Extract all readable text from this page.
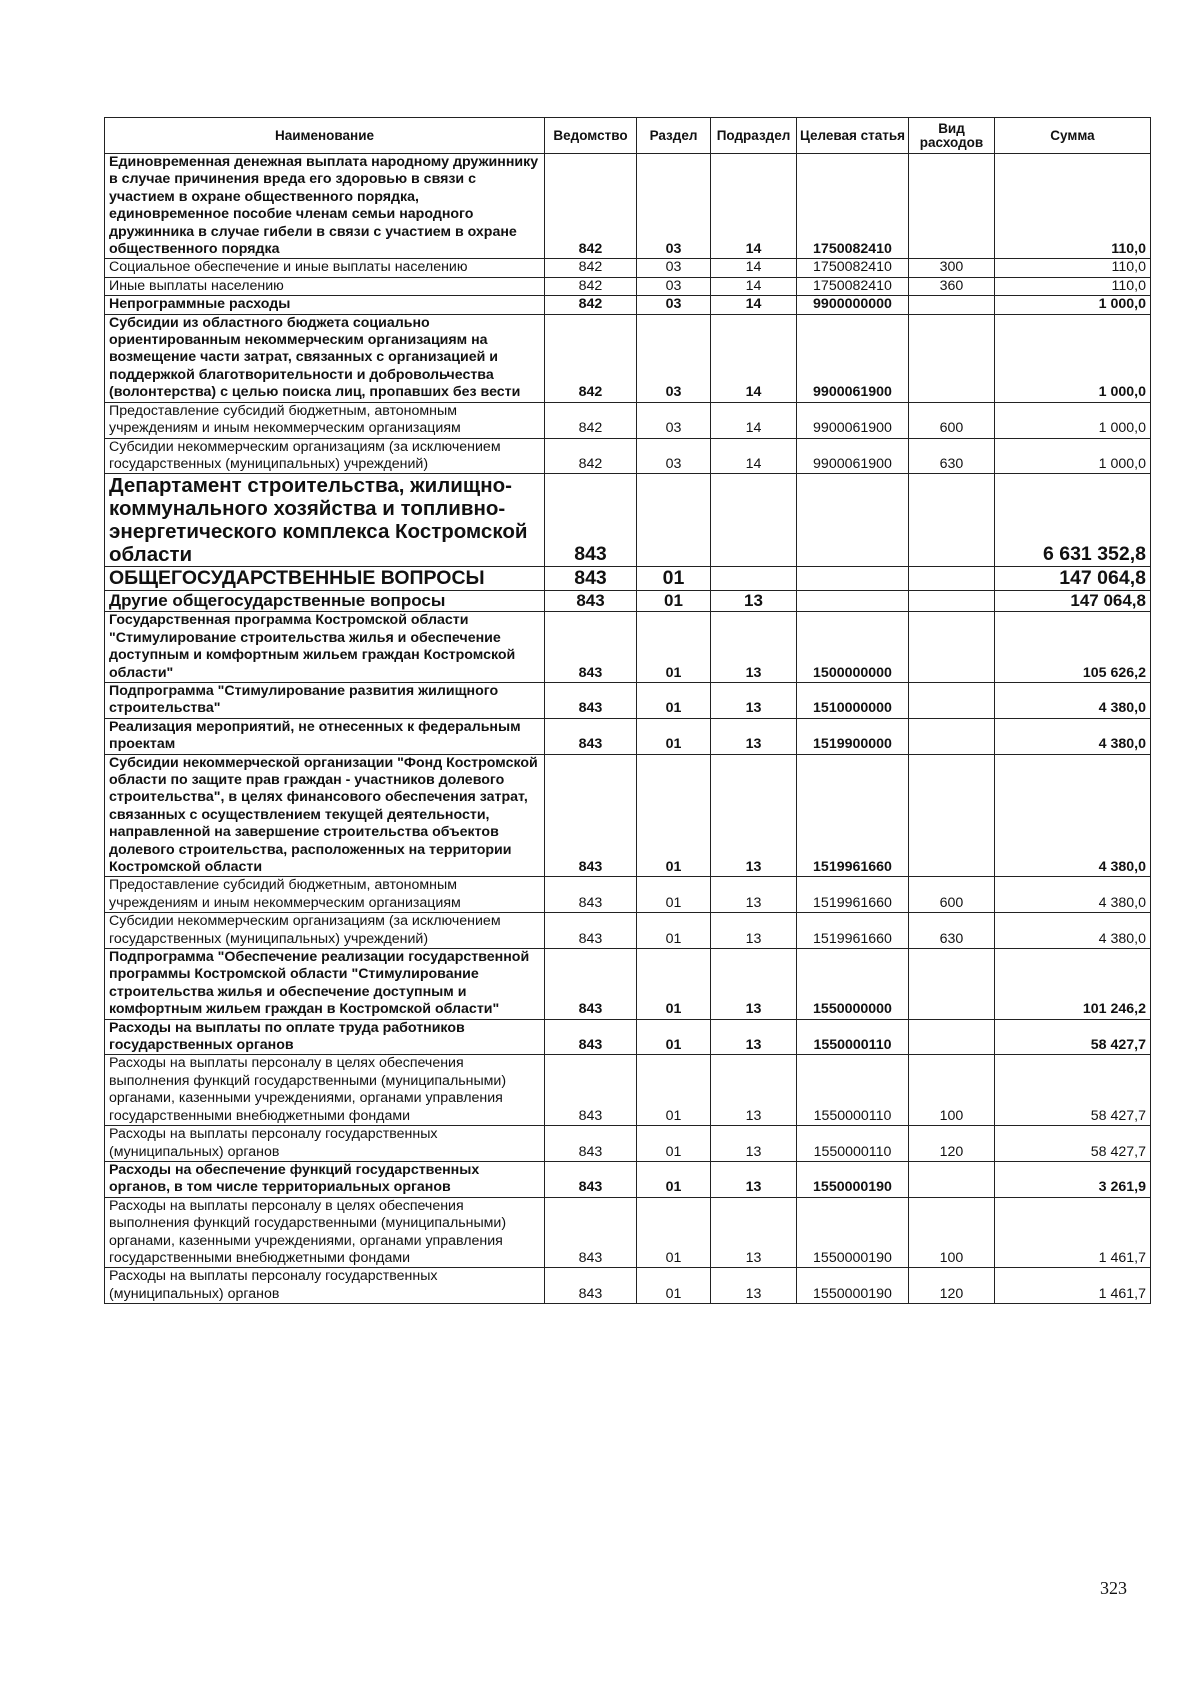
Наименование	Ведомство	Раздел	Подраздел	Целевая статья	Вид расходов	Сумма
Единовременная денежная выплата народному дружиннику в случае причинения вреда его здоровью в связи с участием в охране общественного порядка, единовременное пособие членам семьи народного дружинника в случае гибели в связи с участием в охране общественного порядка	842	03	14	1750082410		110,0
Социальное обеспечение и иные выплаты населению	842	03	14	1750082410	300	110,0
Иные выплаты населению	842	03	14	1750082410	360	110,0
Непрограммные расходы	842	03	14	9900000000		1 000,0
Субсидии из областного бюджета социально ориентированным некоммерческим организациям на возмещение части затрат, связанных с организацией и поддержкой благотворительности и добровольчества (волонтерства) с целью поиска лиц, пропавших без вести	842	03	14	9900061900		1 000,0
Предоставление субсидий бюджетным, автономным учреждениям и иным некоммерческим организациям	842	03	14	9900061900	600	1 000,0
Субсидии некоммерческим организациям (за исключением государственных (муниципальных) учреждений)	842	03	14	9900061900	630	1 000,0
Департамент строительства, жилищно-коммунального хозяйства и топливно-энергетического комплекса Костромской области	843					6 631 352,8
ОБЩЕГОСУДАРСТВЕННЫЕ ВОПРОСЫ	843	01				147 064,8
Другие общегосударственные вопросы	843	01	13			147 064,8
Государственная программа Костромской области "Стимулирование строительства жилья и обеспечение доступным и комфортным жильем граждан Костромской области"	843	01	13	1500000000		105 626,2
Подпрограмма "Стимулирование развития жилищного строительства"	843	01	13	1510000000		4 380,0
Реализация мероприятий, не отнесенных к федеральным проектам	843	01	13	1519900000		4 380,0
Субсидии некоммерческой организации "Фонд Костромской области по защите прав граждан - участников долевого строительства", в целях финансового обеспечения затрат, связанных с осуществлением текущей деятельности, направленной на завершение строительства объектов долевого строительства, расположенных на территории Костромской области	843	01	13	1519961660		4 380,0
Предоставление субсидий бюджетным, автономным учреждениям и иным некоммерческим организациям	843	01	13	1519961660	600	4 380,0
Субсидии некоммерческим организациям (за исключением государственных (муниципальных) учреждений)	843	01	13	1519961660	630	4 380,0
Подпрограмма "Обеспечение реализации государственной программы Костромской области "Стимулирование строительства жилья и обеспечение доступным и комфортным жильем граждан в Костромской области"	843	01	13	1550000000		101 246,2
Расходы на выплаты по оплате труда работников государственных органов	843	01	13	1550000110		58 427,7
Расходы на выплаты персоналу в целях обеспечения выполнения функций государственными (муниципальными) органами, казенными учреждениями, органами управления государственными внебюджетными фондами	843	01	13	1550000110	100	58 427,7
Расходы на выплаты персоналу государственных (муниципальных) органов	843	01	13	1550000110	120	58 427,7
Расходы на обеспечение функций государственных органов, в том числе территориальных органов	843	01	13	1550000190		3 261,9
Расходы на выплаты персоналу в целях обеспечения выполнения функций государственными (муниципальными) органами, казенными учреждениями, органами управления государственными внебюджетными фондами	843	01	13	1550000190	100	1 461,7
Расходы на выплаты персоналу государственных (муниципальных) органов	843	01	13	1550000190	120	1 461,7
323
